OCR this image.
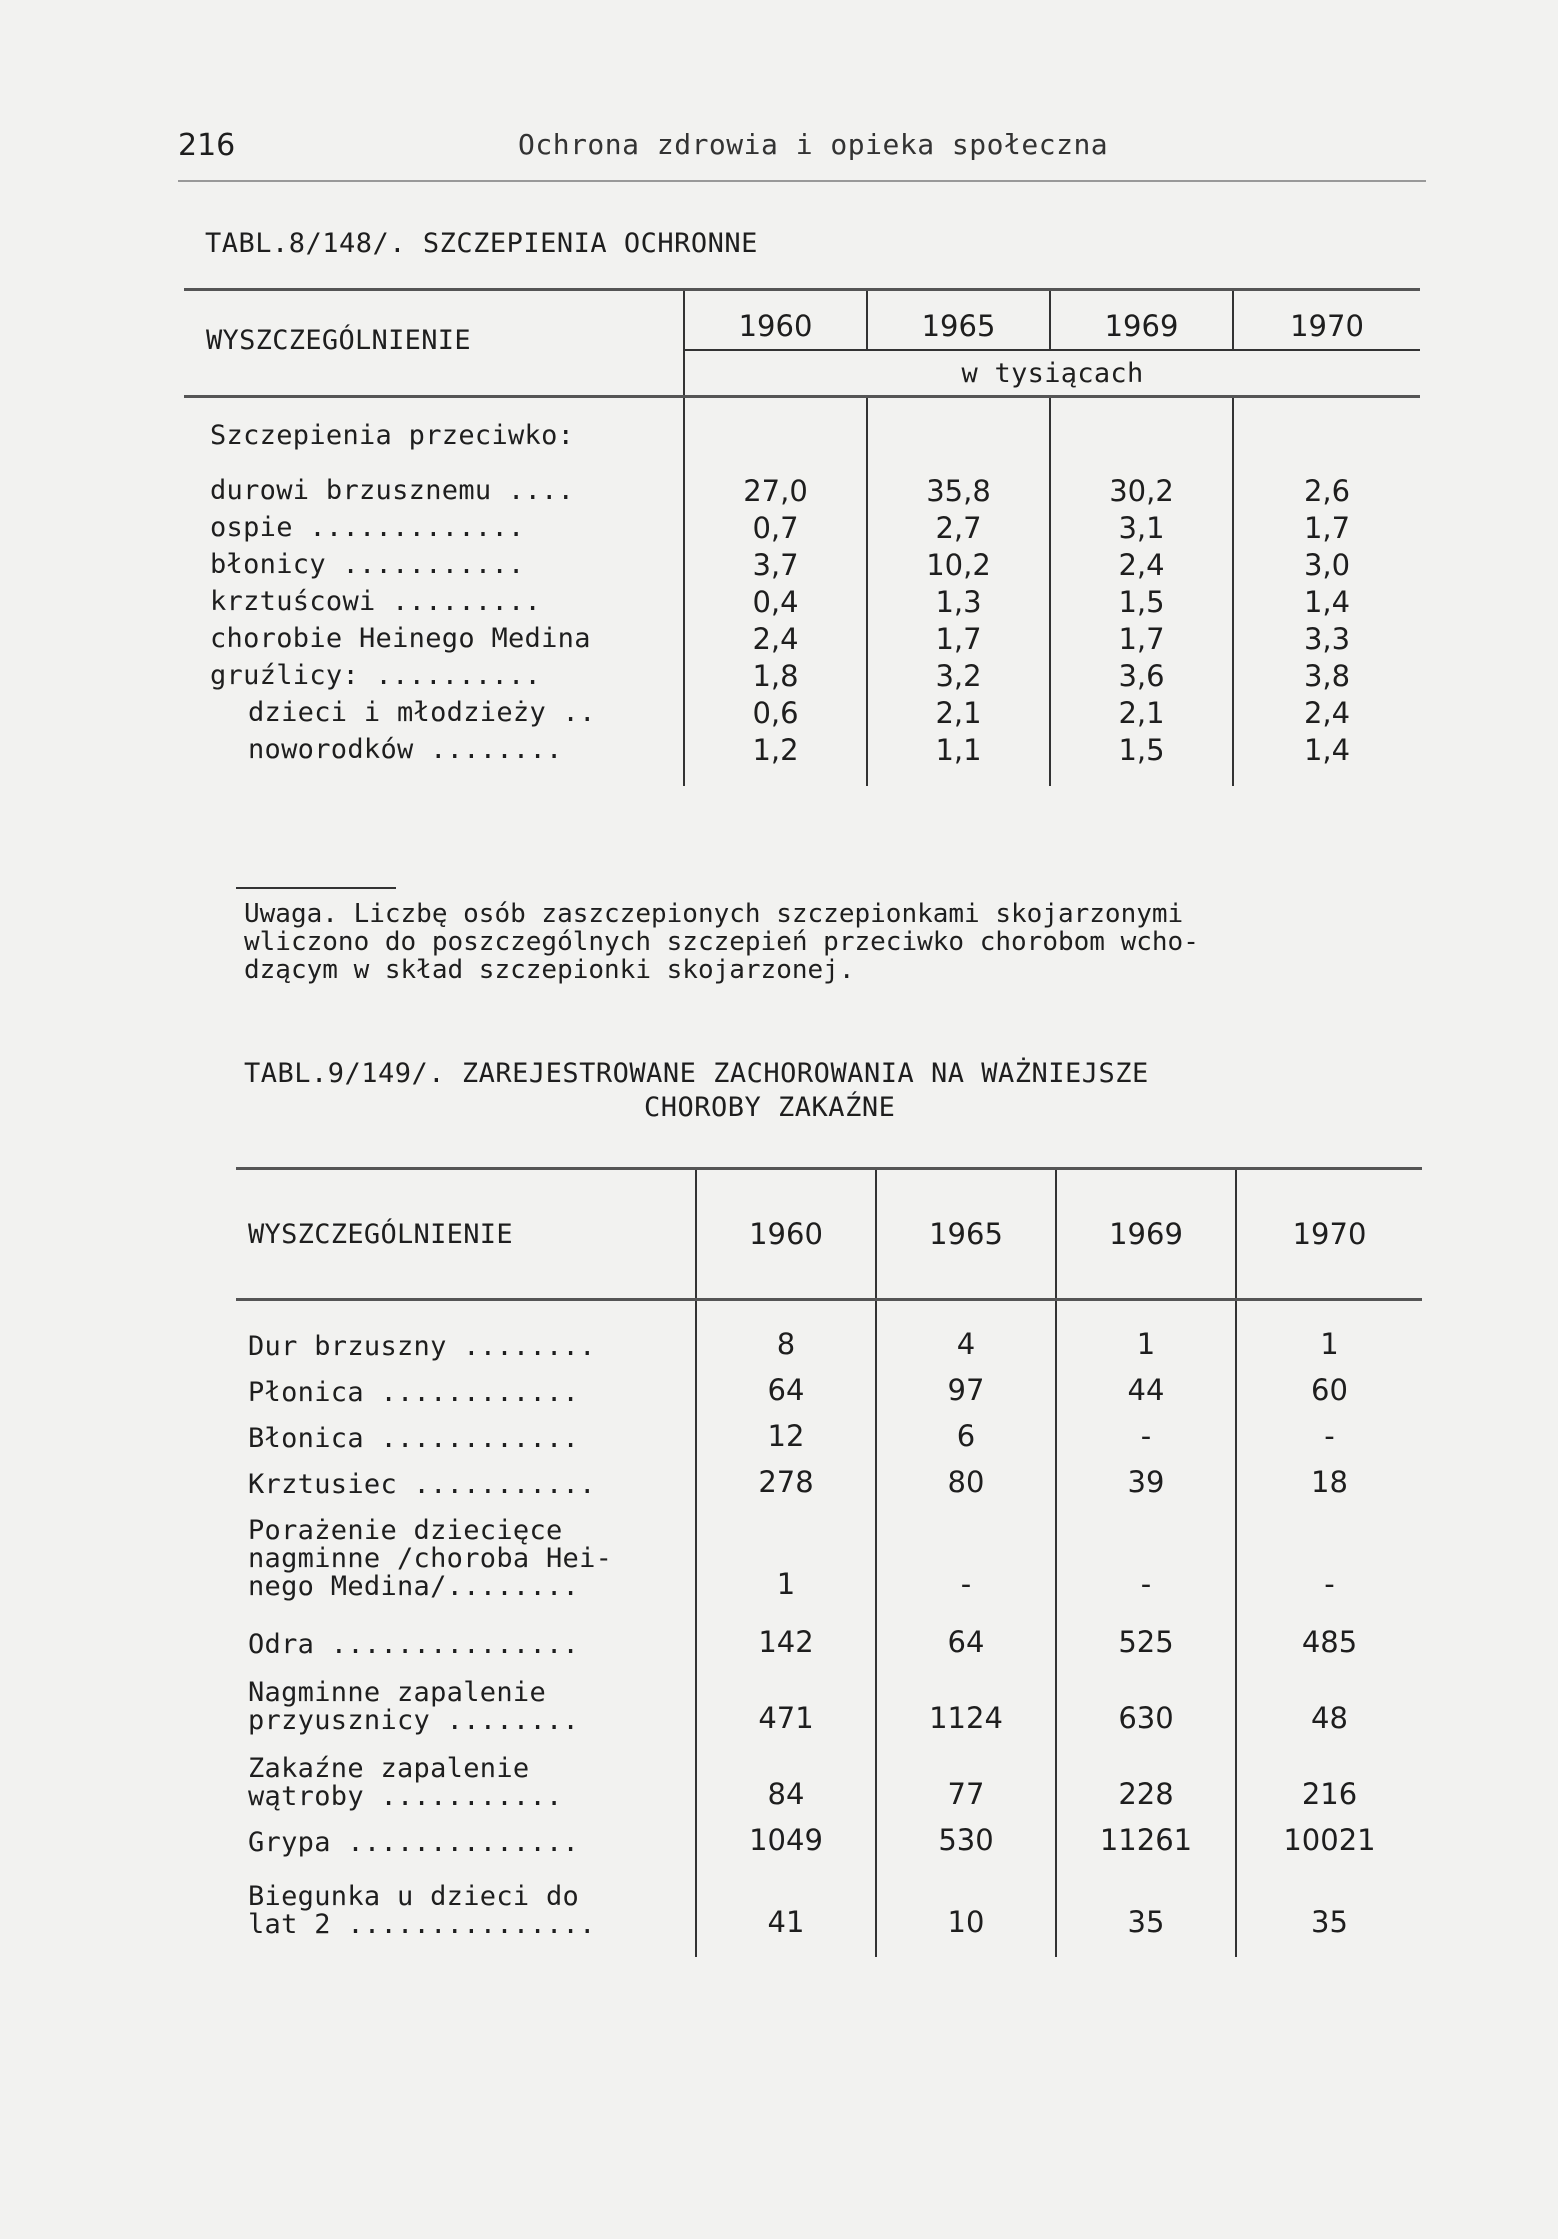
216	Ochrona zdrowia i opieka społeczna
TABL.8/148/. SZCZEPIENIA OCHRONNE

WYSZCZEGÓLNIENIE	1960	1965	1969	1970
	w tysiącach			

Szczepienia przeciwko:				
durowi brzusznemu ....	27,0	35,8	30,2	2,6
ospie .............	0,7	2,7	3,1	1,7
błonicy ...........	3,7	10,2	2,4	3,0
krztuścowi .........	0,4	1,3	1,5	1,4
chorobie Heinego Medina	2,4	1,7	1,7	3,3
gruźlicy: ..........	1,8	3,2	3,6	3,8
dzieci i młodzieży ..	0,6	2,1	2,1	2,4
noworodków ........	1,2	1,1	1,5	1,4

Uwaga. Liczbę osób zaszczepionych szczepionkami skojarzonymi
wliczono do poszczególnych szczepień przeciwko chorobom wcho-
dzącym w skład szczepionki skojarzonej.
TABL.9/149/. ZAREJESTROWANE ZACHOROWANIA NA WAŻNIEJSZE
CHOROBY ZAKAŹNE

WYSZCZEGÓLNIENIE	1960	1965	1969	1970

Dur brzuszny ........	8	4	1	1

Płonica ............	64	97	44	60

Błonica ............	12	6	-	-

Krztusiec ...........	278	80	39	18

Porażenie dziecięce
nagminne /choroba Hei-
nego Medina/........	1	-	-	-

Odra ...............	142	64	525	485

Nagminne zapalenie
przyusznicy ........	471	1124	630	48

Zakaźne zapalenie
wątroby ...........	84	77	228	216

Grypa ..............	1049	530	11261	10021

Biegunka u dzieci do
lat 2 ...............	41	10	35	35
